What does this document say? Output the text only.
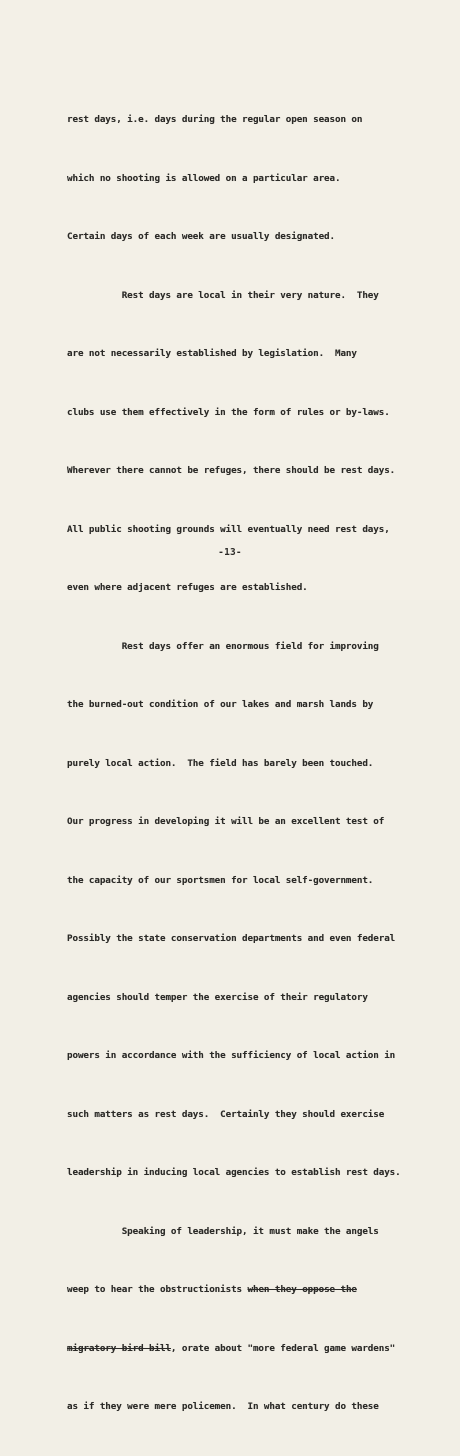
rest days, i.e. days during the regular open season on

which no shooting is allowed on a particular area.

Certain days of each week are usually designated.

Rest days are local in their very nature.  They

are not necessarily established by legislation.  Many

clubs use them effectively in the form of rules or by-laws.

Wherever there cannot be refuges, there should be rest days.

All public shooting grounds will eventually need rest days,

even where adjacent refuges are established.

Rest days offer an enormous field for improving

the burned-out condition of our lakes and marsh lands by

purely local action.  The field has barely been touched.

Our progress in developing it will be an excellent test of

the capacity of our sportsmen for local self-government.

Possibly the state conservation departments and even federal

agencies should temper the exercise of their regulatory

powers in accordance with the sufficiency of local action in

such matters as rest days.  Certainly they should exercise

leadership in inducing local agencies to establish rest days.

Speaking of leadership, it must make the angels

weep to hear the obstructionists when they oppose the

migratory bird bill, orate about "more federal game wardens"

as if they were mere policemen.  In what century do these

-13-
